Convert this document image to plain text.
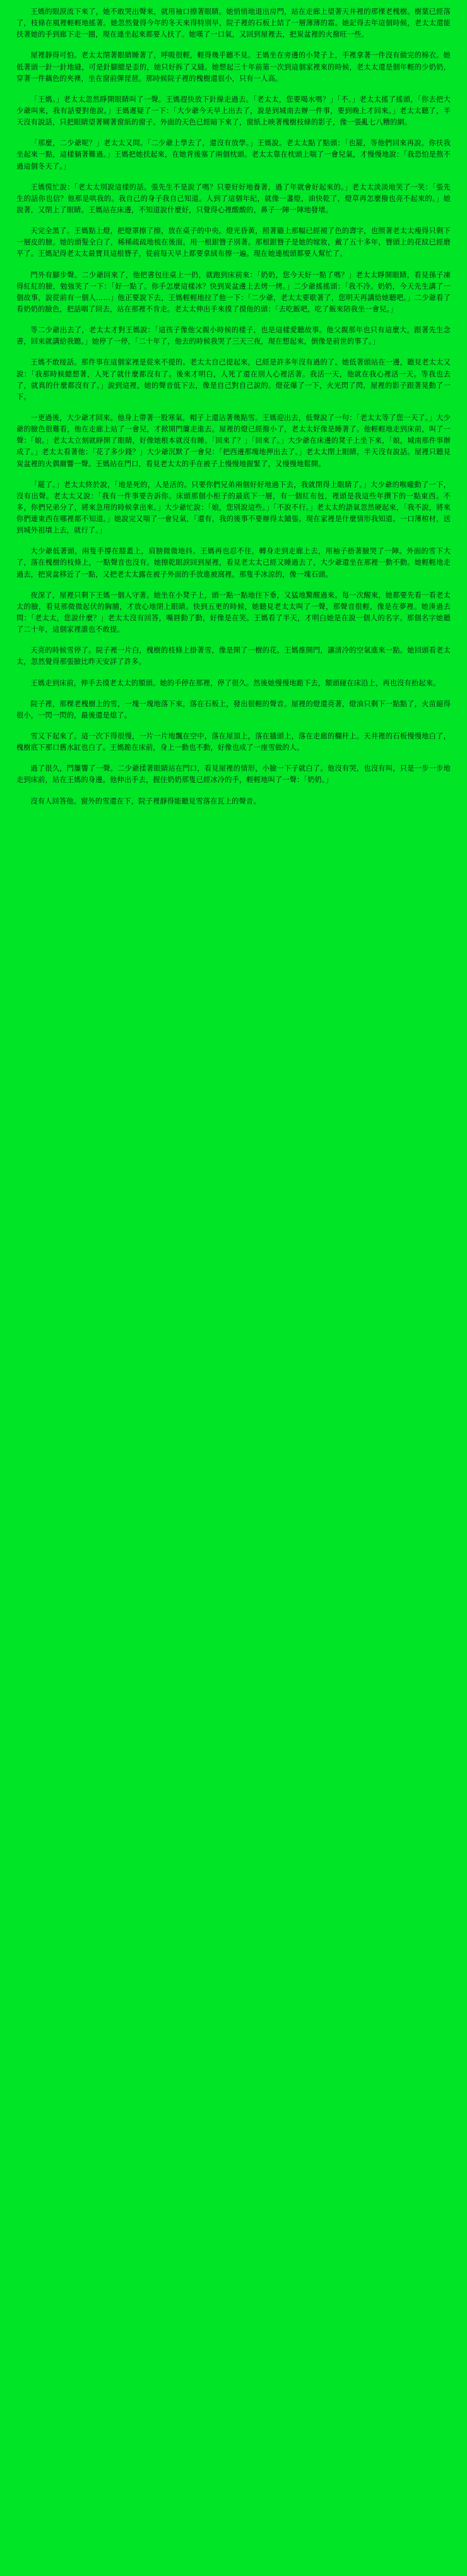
王媽的眼淚流下來了，她不敢哭出聲來，就用袖口擦著眼睛。她悄悄地退出房門，站在走廊上望著天井裡的那棵老槐樹。樹葉已經落了，枝條在風裡輕輕地搖著。她忽然覺得今年的冬天來得特別早，院子裡的石板上結了一層薄薄的霜。她記得去年這個時候，老太太還能扶著她的手到廊下走一圈，現在連坐起來都要人扶了。她嘆了一口氣，又回到屋裡去，把炭盆裡的火撥旺一些。

屋裡靜得可怕。老太太閉著眼睛睡著了，呼吸很輕，輕得幾乎聽不見。王媽坐在旁邊的小凳子上，手裡拿著一件沒有做完的棉衣。她低著頭一針一針地縫，可是針腳總是歪的，她只好拆了又縫。她想起三十年前第一次到這個家裡來的時候，老太太還是個年輕的少奶奶，穿著一件藕色的夾襖，坐在窗前彈琵琶。那時候院子裡的槐樹還很小，只有一人高。

「王媽。」老太太忽然睜開眼睛叫了一聲。王媽趕快放下針線走過去。「老太太，您要喝水嗎？」「不。」老太太搖了搖頭，「你去把大少爺叫來，我有話要對他說。」王媽遲疑了一下：「大少爺今天早上出去了，說是到城南去辦一件事，要到晚上才回來。」老太太聽了，半天沒有說話，只把眼睛望著糊著窗紙的窗子。外面的天色已經暗下來了，窗紙上映著槐樹枝條的影子，像一張亂七八糟的網。

「那麼，二少爺呢？」老太太又問。「二少爺上學去了，還沒有放學。」王媽說。老太太點了點頭：「也罷，等他們回來再說。你扶我坐起來一點，這樣躺著難過。」王媽把她扶起來，在她背後塞了兩個枕頭。老太太靠在枕頭上喘了一會兒氣，才慢慢地說：「我恐怕是熬不過這個冬天了。」

王媽慌忙說：「老太太別說這樣的話。張先生不是說了嗎？只要好好地養著，過了年就會好起來的。」老太太淡淡地笑了一笑：「張先生的話你也信？他那是哄我的。我自己的身子我自己知道。人到了這個年紀，就像一盞燈，油快乾了，燈草再怎麼撥也亮不起來的。」她說著，又閉上了眼睛。王媽站在床邊，不知道說什麼好，只覺得心裡酸酸的，鼻子一陣一陣地發堵。

天完全黑了。王媽點上燈，把燈罩擦了擦，放在桌子的中央。燈光昏黃，照著牆上那幅已經褪了色的壽字，也照著老太太瘦得只剩下一層皮的臉。她的頭髮全白了，稀稀疏疏地梳在後面，用一根銀簪子別著。那根銀簪子是她的嫁妝，戴了五十多年，簪頭上的花紋已經磨平了。王媽記得老太太最寶貝這根簪子，從前每天早上都要拿絨布擦一遍。現在她連梳頭都要人幫忙了。

門外有腳步聲。二少爺回來了，他把書包往桌上一扔，就跑到床前來：「奶奶，您今天好一點了嗎？」老太太睜開眼睛，看見孫子凍得紅紅的臉，勉強笑了一下：「好一點了。你手怎麼這樣冰？快到炭盆邊上去烤一烤。」二少爺搖搖頭：「我不冷。奶奶，今天先生講了一個故事，說從前有一個人……」他正要說下去，王媽輕輕地拉了他一下：「二少爺，老太太要歇著了，您明天再講給她聽吧。」二少爺看了看奶奶的臉色，把話咽了回去，站在那裡不肯走。老太太伸出手來摸了摸他的頭：「去吃飯吧，吃了飯來陪我坐一會兒。」

等二少爺出去了，老太太才對王媽說：「這孩子像他父親小時候的樣子，也是這樣愛聽故事。他父親那年也只有這麼大，跟著先生念書，回來就講給我聽。」她停了一停，「二十年了，他去的時候我哭了三天三夜，現在想起來，倒像是前世的事了。」

王媽不敢接話。那件事在這個家裡是從來不提的。老太太自己提起來，已經是許多年沒有過的了。她低著頭站在一邊，聽見老太太又說：「我那時候總想著，人死了就什麼都沒有了。後來才明白，人死了還在別人心裡活著。我活一天，他就在我心裡活一天。等我也去了，就真的什麼都沒有了。」說到這裡，她的聲音低下去，像是自己對自己說的。燈花爆了一下，火光閃了閃，屋裡的影子跟著晃動了一下。

一更過後，大少爺才回來。他身上帶著一股寒氣，帽子上還沾著幾點雪。王媽迎出去，低聲說了一句：「老太太等了您一天了。」大少爺的臉色很難看，他在走廊上站了一會兒，才掀開門簾走進去。屋裡的燈已經撥小了，老太太好像是睡著了。他輕輕地走到床前，叫了一聲：「娘。」老太太立刻就睜開了眼睛，好像她根本就沒有睡。「回來了？」「回來了。」大少爺在床邊的凳子上坐下來，「娘，城南那件事辦成了。」老太太看著他：「花了多少錢？」大少爺沉默了一會兒：「把西邊那塊地押出去了。」老太太閉上眼睛，半天沒有說話。屋裡只聽見炭盆裡的火偶爾響一聲。王媽站在門口，看見老太太的手在被子上慢慢地握緊了，又慢慢地鬆開。

「罷了。」老太太終於說，「地是死的，人是活的。只要你們兄弟兩個好好地過下去，我就閉得上眼睛了。」大少爺的喉嚨動了一下，沒有出聲。老太太又說：「我有一件事要告訴你。床頭那個小柜子的最底下一層，有一個紅布包，裡頭是我這些年攢下的一點東西。不多，你們兄弟分了，將來急用的時候拿出來。」大少爺忙說：「娘，您別說這些。」「不說不行。」老太太的語氣忽然硬起來，「我不說，將來你們連東西在哪裡都不知道。」她說完又喘了一會兒氣，「還有，我的後事不要辦得太鋪張。現在家裡是什麼情形我知道。一口薄棺材，送到城外祖墳上去，就行了。」

大少爺低著頭，兩隻手撐在膝蓋上，肩膀微微地抖。王媽再也忍不住，轉身走到走廊上去，用袖子捂著臉哭了一陣。外面的雪下大了，落在槐樹的枝條上，一點聲音也沒有。她擦乾眼淚回到屋裡，看見老太太已經又睡過去了，大少爺還坐在那裡一動不動。她輕輕地走過去，把炭盆移近了一點，又把老太太露在被子外面的手放進被窩裡。那隻手冰涼的，像一塊石頭。

夜深了，屋裡只剩下王媽一個人守著。她坐在小凳子上，頭一點一點地往下垂，又猛地驚醒過來。每一次醒來，她都要先看一看老太太的臉，看見那微微起伏的胸脯，才放心地閉上眼睛。快到五更的時候，她聽見老太太叫了一聲，那聲音很輕，像是在夢裡。她湊過去問：「老太太，您說什麼？」老太太沒有回答，嘴唇動了動，好像是在笑。王媽看了半天，才明白她是在說一個人的名字。那個名字她聽了二十年，這個家裡誰也不敢提。

天亮的時候雪停了。院子裡一片白，槐樹的枝條上掛著雪，像是開了一樹的花。王媽推開門，讓清冷的空氣進來一點。她回頭看老太太，忽然覺得那張臉比昨天安詳了許多。

王媽走到床前，伸手去摸老太太的額頭。她的手停在那裡，停了很久。然後她慢慢地跪下去，額頭碰在床沿上，再也沒有抬起來。

院子裡，那棵老槐樹上的雪，一塊一塊地落下來，落在石板上，發出很輕的聲音。屋裡的燈還亮著，燈油只剩下一點點了，火苗縮得很小，一閃一閃的，最後還是熄了。

雪又下起來了。這一次下得很慢，一片一片地飄在空中，落在屋頂上，落在牆頭上，落在走廊的欄杆上。天井裡的石板慢慢地白了，槐樹底下那口舊水缸也白了。王媽跪在床前，身上一動也不動，好像也成了一座雪做的人。

過了很久，門簾響了一聲。二少爺揉著眼睛站在門口，看見屋裡的情形，小臉一下子就白了。他沒有哭，也沒有叫，只是一步一步地走到床前，站在王媽的身邊。他伸出手去，握住奶奶那隻已經冰冷的手，輕輕地叫了一聲：「奶奶。」

沒有人回答他。窗外的雪還在下，院子裡靜得能聽見雪落在瓦上的聲音。
